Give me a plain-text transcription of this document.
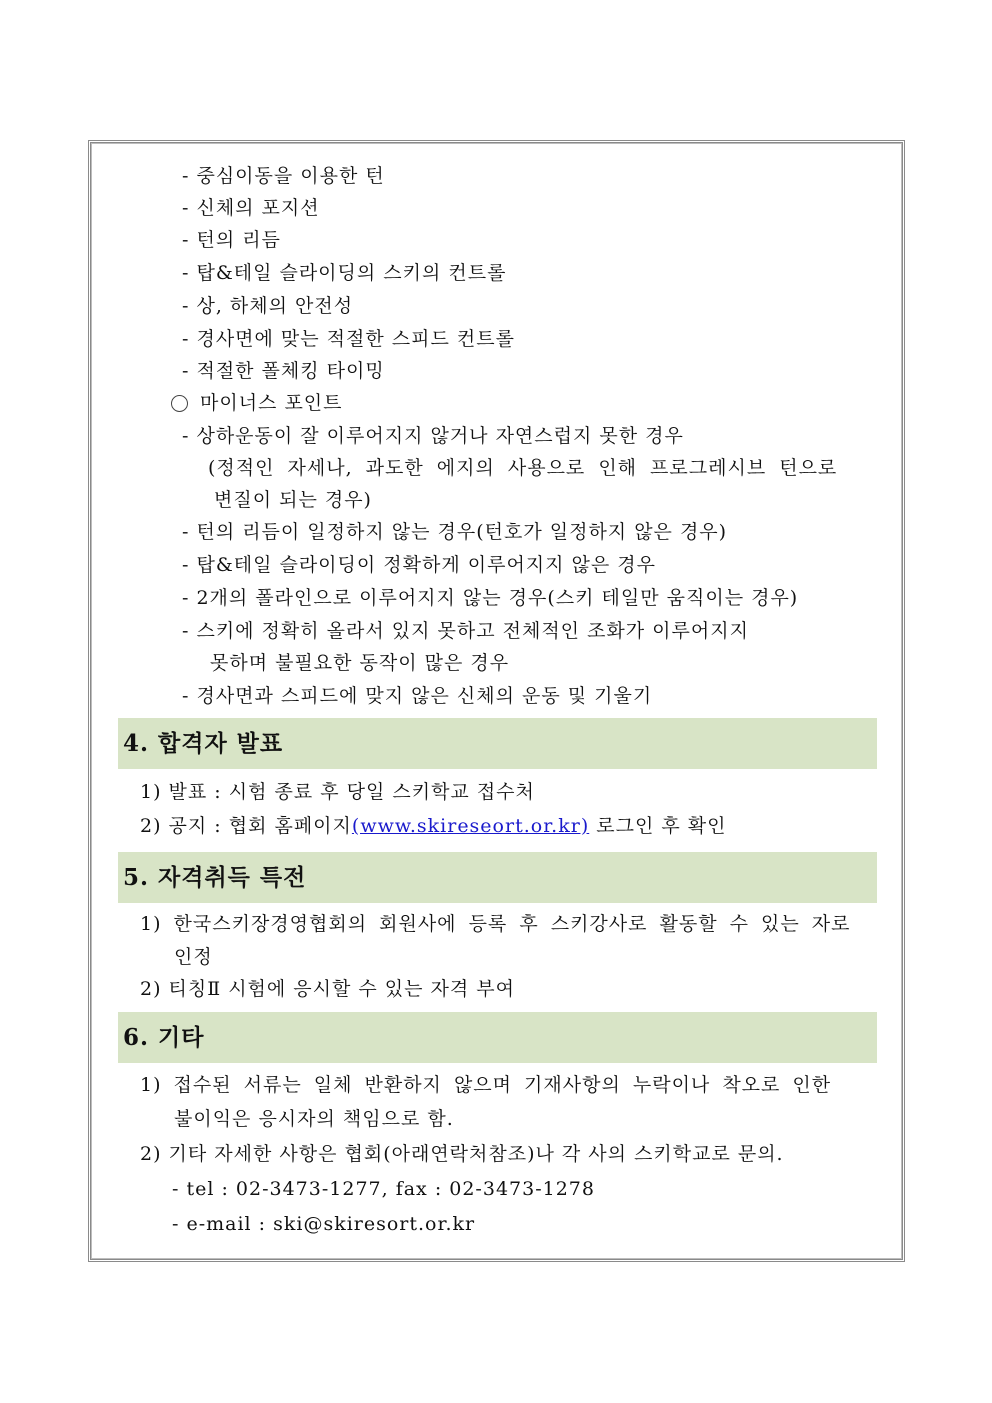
- 중심이동을 이용한 턴
- 신체의 포지션
- 턴의 리듬
- 탑&테일 슬라이딩의 스키의 컨트롤
- 상, 하체의 안전성
- 경사면에 맞는 적절한 스피드 컨트롤
- 적절한 폴체킹 타이밍
마이너스 포인트
- 상하운동이 잘 이루어지지 않거나 자연스럽지 못한 경우
(정적인 자세나, 과도한 에지의 사용으로 인해 프로그레시브 턴으로
변질이 되는 경우)
- 턴의 리듬이 일정하지 않는 경우(턴호가 일정하지 않은 경우)
- 탑&테일 슬라이딩이 정확하게 이루어지지 않은 경우
- 2개의 폴라인으로 이루어지지 않는 경우(스키 테일만 움직이는 경우)
- 스키에 정확히 올라서 있지 못하고 전체적인 조화가 이루어지지
못하며 불필요한 동작이 많은 경우
- 경사면과 스피드에 맞지 않은 신체의 운동 및 기울기
4. 합격자 발표
1) 발표 : 시험 종료 후 당일 스키학교 접수처
2) 공지 : 협회 홈페이지(www.skireseort.or.kr) 로그인 후 확인
5. 자격취득 특전
1) 한국스키장경영협회의 회원사에 등록 후 스키강사로 활동할 수 있는 자로
인정
2) 티칭Ⅱ 시험에 응시할 수 있는 자격 부여
6. 기타
1) 접수된 서류는 일체 반환하지 않으며 기재사항의 누락이나 착오로 인한
불이익은 응시자의 책임으로 함.
2) 기타 자세한 사항은 협회(아래연락처참조)나 각 사의 스키학교로 문의.
- tel : 02-3473-1277, fax : 02-3473-1278
- e-mail : ski@skiresort.or.kr
